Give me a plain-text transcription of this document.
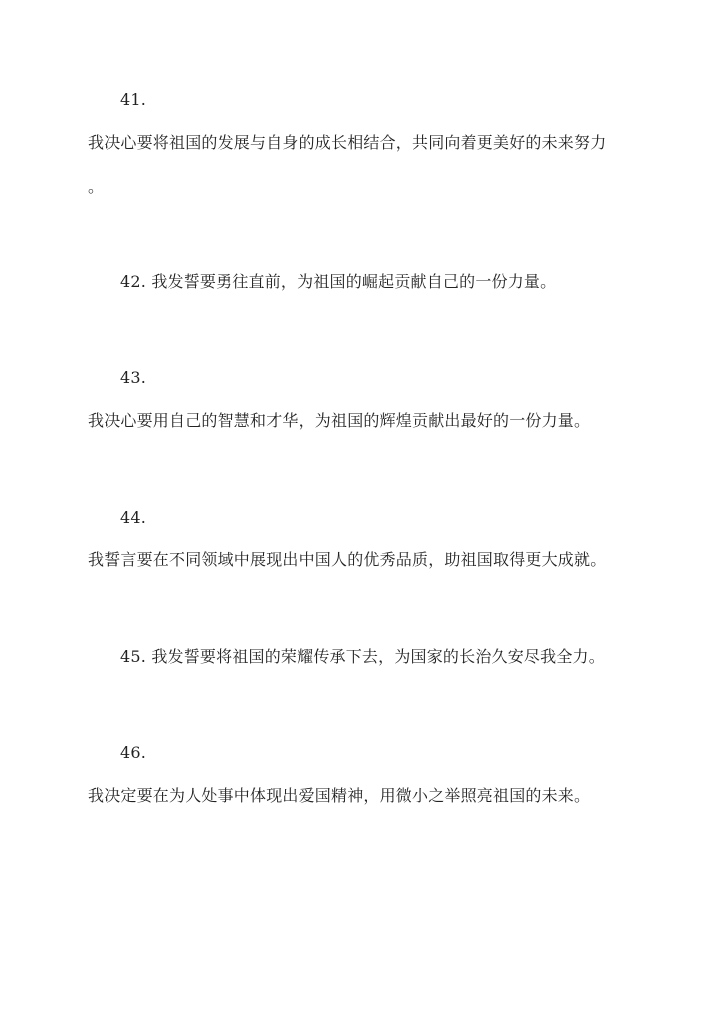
41.
我决心要将祖国的发展与自身的成长相结合，共同向着更美好的未来努力
。
42. 我发誓要勇往直前，为祖国的崛起贡献自己的一份力量。
43.
我决心要用自己的智慧和才华，为祖国的辉煌贡献出最好的一份力量。
44.
我誓言要在不同领域中展现出中国人的优秀品质，助祖国取得更大成就。
45. 我发誓要将祖国的荣耀传承下去，为国家的长治久安尽我全力。
46.
我决定要在为人处事中体现出爱国精神，用微小之举照亮祖国的未来。
